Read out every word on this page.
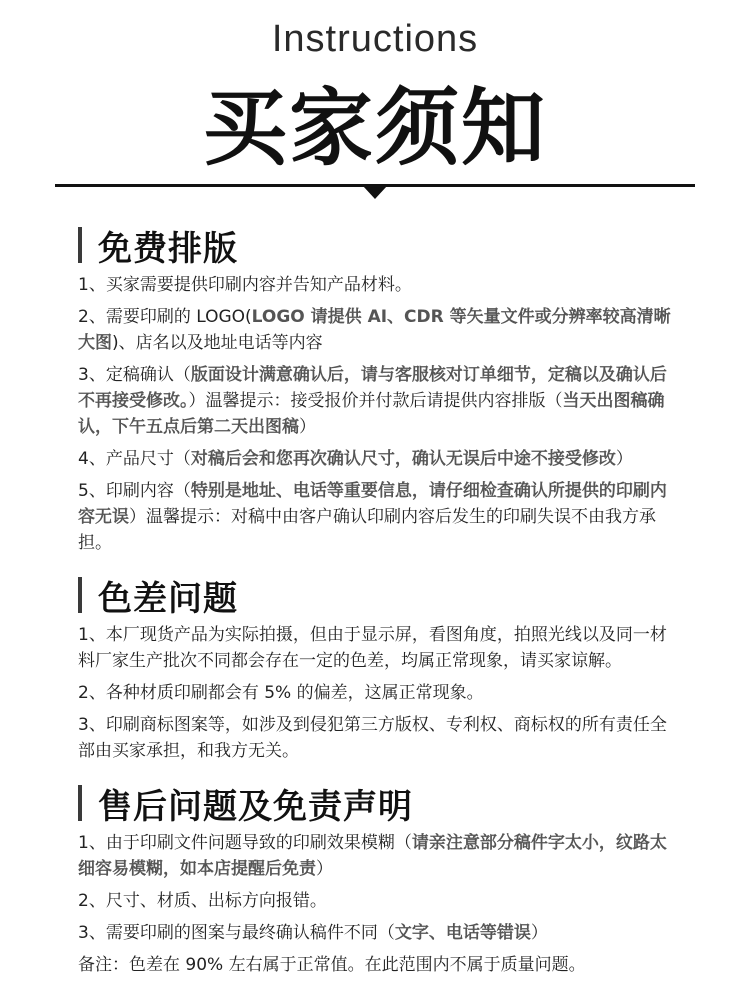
Instructions
买家须知
免费排版
1、买家需要提供印刷内容并告知产品材料。
2、需要印刷的 LOGO(LOGO 请提供 AI、CDR 等矢量文件或分辨率较高清晰大图)、店名以及地址电话等内容
3、定稿确认（版面设计满意确认后，请与客服核对订单细节，定稿以及确认后不再接受修改。）温馨提示：接受报价并付款后请提供内容排版（当天出图稿确认，下午五点后第二天出图稿）
4、产品尺寸（对稿后会和您再次确认尺寸，确认无误后中途不接受修改）
5、印刷内容（特别是地址、电话等重要信息，请仔细检查确认所提供的印刷内容无误）温馨提示：对稿中由客户确认印刷内容后发生的印刷失误不由我方承担。
色差问题
1、本厂现货产品为实际拍摄，但由于显示屏，看图角度，拍照光线以及同一材料厂家生产批次不同都会存在一定的色差，均属正常现象，请买家谅解。
2、各种材质印刷都会有 5% 的偏差，这属正常现象。
3、印刷商标图案等，如涉及到侵犯第三方版权、专利权、商标权的所有责任全部由买家承担，和我方无关。
售后问题及免责声明
1、由于印刷文件问题导致的印刷效果模糊（请亲注意部分稿件字太小，纹路太细容易模糊，如本店提醒后免责）
2、尺寸、材质、出标方向报错。
3、需要印刷的图案与最终确认稿件不同（文字、电话等错误）
备注：色差在 90% 左右属于正常值。在此范围内不属于质量问题。
